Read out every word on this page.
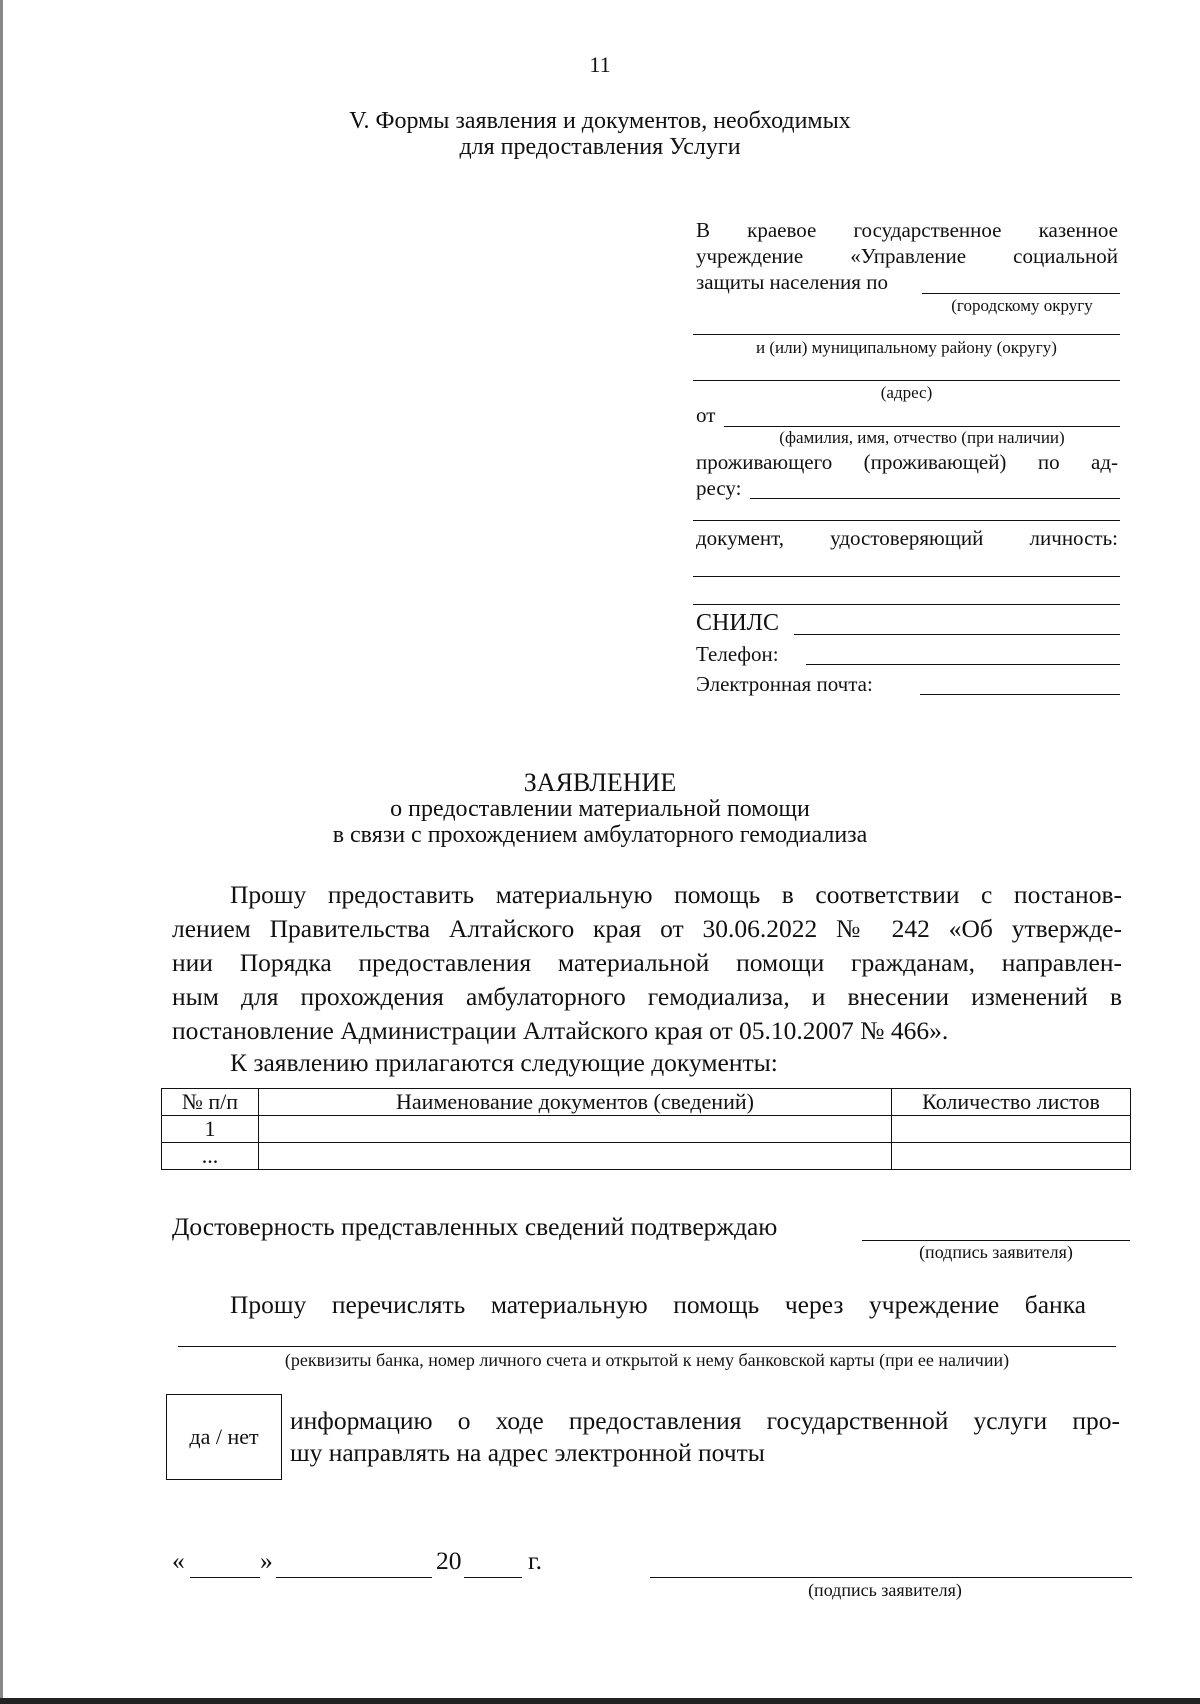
11
V. Формы заявления и документов, необходимых
для предоставления Услуги
В краевое государственное казенное
учреждение «Управление социальной
защиты населения по
(городскому округу
и (или) муниципальному району (округу)
(адрес)
от
(фамилия, имя, отчество (при наличии)
проживающего (проживающей) по ад-
ресу:
документ, удостоверяющий личность:
СНИЛС
Телефон:
Электронная почта:
ЗАЯВЛЕНИЕ
о предоставлении материальной помощи
в связи с прохождением амбулаторного гемодиализа
Прошу предоставить материальную помощь в соответствии с постанов-
лением Правительства Алтайского края от 30.06.2022 № 242 «Об утвержде-
нии Порядка предоставления материальной помощи гражданам, направлен-
ным для прохождения амбулаторного гемодиализа, и внесении изменений в
постановление Администрации Алтайского края от 05.10.2007 № 466».
К заявлению прилагаются следующие документы:
№ п/п	Наименование документов (сведений)	Количество листов
1		
...		
Достоверность представленных сведений подтверждаю
(подпись заявителя)
Прошу перечислять материальную помощь через учреждение банка
(реквизиты банка, номер личного счета и открытой к нему банковской карты (при ее наличии)
да / нет
информацию о ходе предоставления государственной услуги про-
шу направлять на адрес электронной почты
«	»	20	г.
(подпись заявителя)
